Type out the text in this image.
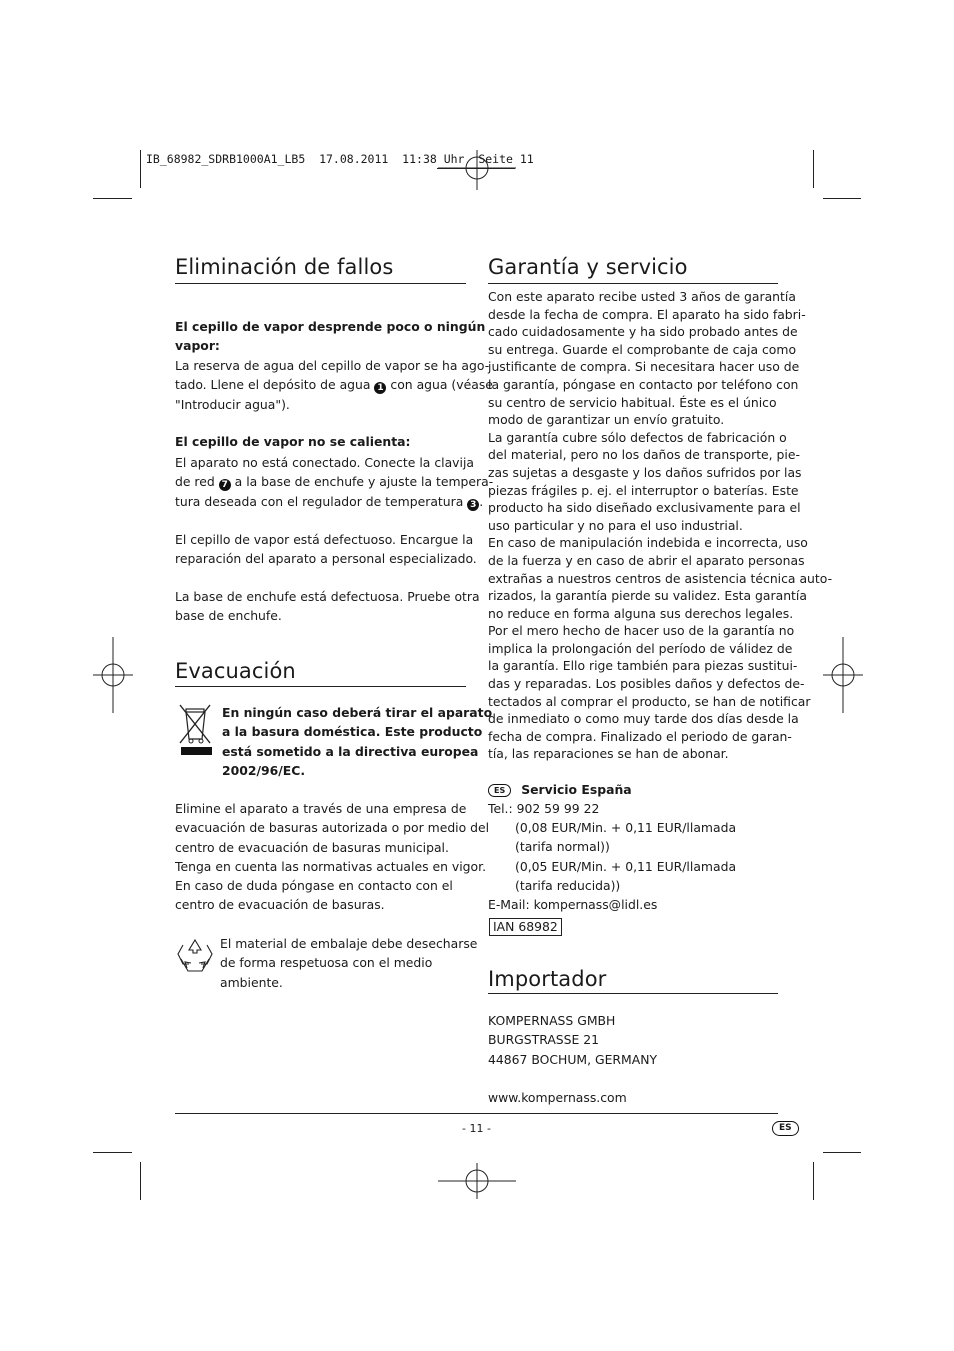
IB_68982_SDRB1000A1_LB5  17.08.2011  11:38 Uhr  Seite 11
Eliminación de fallos
El cepillo de vapor desprende poco o ningún
vapor:
La reserva de agua del cepillo de vapor se ha ago-
tado. Llene el depósito de agua 1 con agua (véase
"Introducir agua").
El cepillo de vapor no se calienta:
El aparato no está conectado. Conecte la clavija
de red 7 a la base de enchufe y ajuste la tempera-
tura deseada con el regulador de temperatura 3 .
El cepillo de vapor está defectuoso. Encargue la
reparación del aparato a personal especializado.
La base de enchufe está defectuosa. Pruebe otra
base de enchufe.
Evacuación
En ningún caso deberá tirar el aparato
a la basura doméstica. Este producto
está sometido a la directiva europea
2002/96/EC.
Elimine el aparato a través de una empresa de
evacuación de basuras autorizada o por medio del
centro de evacuación de basuras municipal.
Tenga en cuenta las normativas actuales en vigor.
En caso de duda póngase en contacto con el
centro de evacuación de basuras.
El material de embalaje debe desecharse
de forma respetuosa con el medio
ambiente.
Garantía y servicio
Con este aparato recibe usted 3 años de garantía
desde la fecha de compra. El aparato ha sido fabri-
cado cuidadosamente y ha sido probado antes de
su entrega. Guarde el comprobante de caja como
justificante de compra. Si necesitara hacer uso de
la garantía, póngase en contacto por teléfono con
su centro de servicio habitual. Éste es el único
modo de garantizar un envío gratuito.
La garantía cubre sólo defectos de fabricación o
del material, pero no los daños de transporte, pie-
zas sujetas a desgaste y los daños sufridos por las
piezas frágiles p. ej. el interruptor o baterías. Este
producto ha sido diseñado exclusivamente para el
uso particular y no para el uso industrial.
En caso de manipulación indebida e incorrecta, uso
de la fuerza y en caso de abrir el aparato personas
extrañas a nuestros centros de asistencia técnica auto-
rizados, la garantía pierde su validez. Esta garantía
no reduce en forma alguna sus derechos legales.
Por el mero hecho de hacer uso de la garantía no
implica la prolongación del período de válidez de
la garantía. Ello rige también para piezas sustitui-
das y reparadas. Los posibles daños y defectos de-
tectados al comprar el producto, se han de notificar
de inmediato o como muy tarde dos días desde la
fecha de compra. Finalizado el periodo de garan-
tía, las reparaciones se han de abonar.
ES Servicio España
Tel.: 902 59 99 22
(0,08 EUR/Min. + 0,11 EUR/llamada
(tarifa normal))
(0,05 EUR/Min. + 0,11 EUR/llamada
(tarifa reducida))
E-Mail: kompernass@lidl.es
IAN 68982
Importador
KOMPERNASS GMBH
BURGSTRASSE 21
44867 BOCHUM, GERMANY
www.kompernass.com
- 11 -	ES
